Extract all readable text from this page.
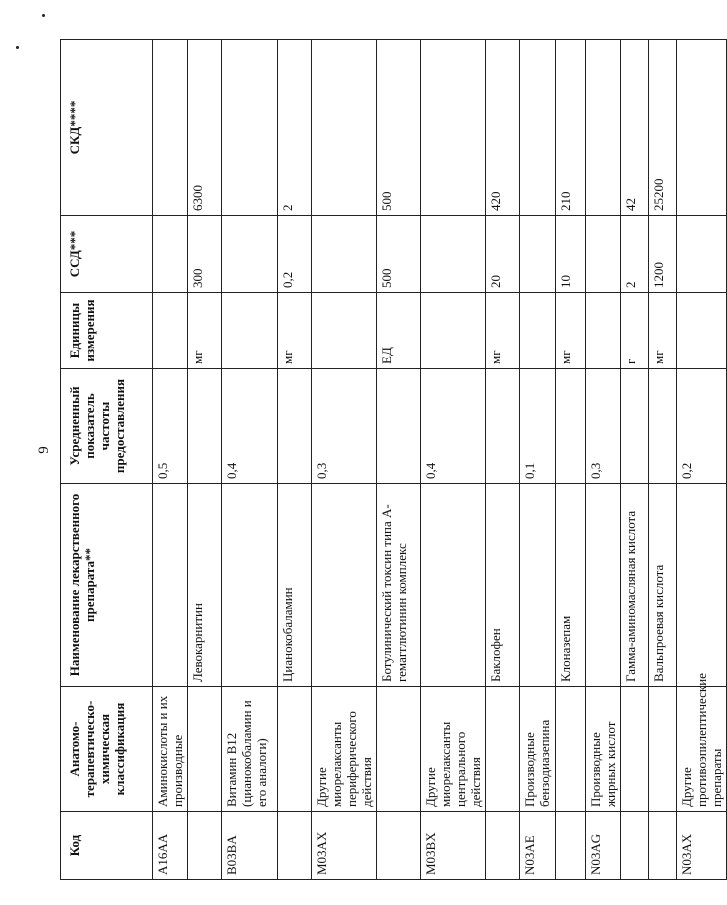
9
Код	Анатомо-терапевтическо-химическая классификация	Наименование лекарственного препарата**	Усредненный показатель частоты предоставления	Единицы измерения	ССД***	СКД****
A16AA	Аминокислоты и их производные		0,5			
		Левокарнитин		мг	300	6300
B03BA	Витамин B12 (цианокобаламин и его аналоги)		0,4			
		Цианокобаламин		мг	0,2	2
M03AX	Другие миорелаксанты периферического действия		0,3			
		Ботулинический токсин типа А-гемагглютинин комплекс		ЕД	500	500
M03BX	Другие миорелаксанты центрального действия		0,4			
		Баклофен		мг	20	420
N03AE	Производные бензодиазепина		0,1			
		Клоназепам		мг	10	210
N03AG	Производные жирных кислот		0,3			
		Гамма-аминомасляная кислота		г	2	42
		Вальпроевая кислота		мг	1200	25200
N03AX	Другие противоэпилептические препараты		0,2			
